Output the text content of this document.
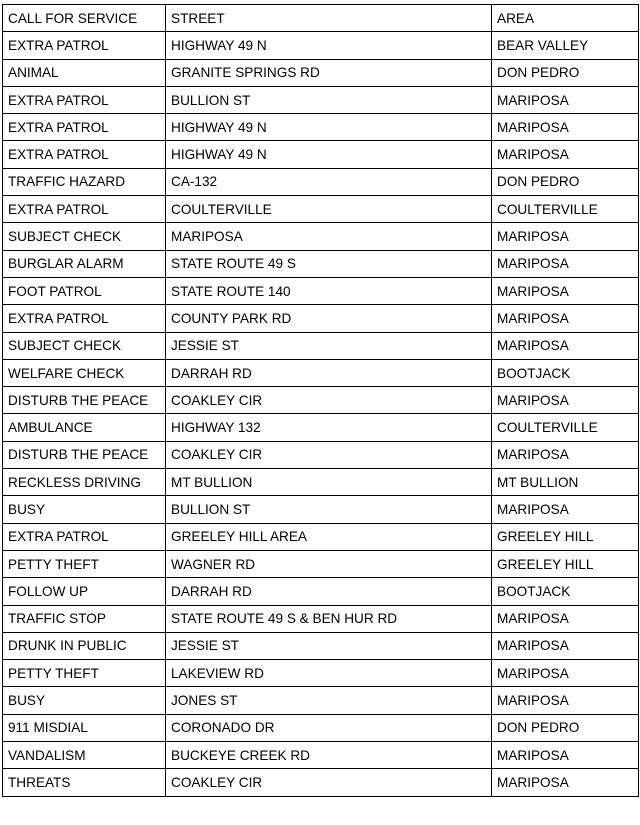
CALL FOR SERVICE	STREET	AREA
EXTRA PATROL	HIGHWAY 49 N	BEAR VALLEY
ANIMAL	GRANITE SPRINGS RD	DON PEDRO
EXTRA PATROL	BULLION ST	MARIPOSA
EXTRA PATROL	HIGHWAY 49 N	MARIPOSA
EXTRA PATROL	HIGHWAY 49 N	MARIPOSA
TRAFFIC HAZARD	CA-132	DON PEDRO
EXTRA PATROL	COULTERVILLE	COULTERVILLE
SUBJECT CHECK	MARIPOSA	MARIPOSA
BURGLAR ALARM	STATE ROUTE 49 S	MARIPOSA
FOOT PATROL	STATE ROUTE 140	MARIPOSA
EXTRA PATROL	COUNTY PARK RD	MARIPOSA
SUBJECT CHECK	JESSIE ST	MARIPOSA
WELFARE CHECK	DARRAH RD	BOOTJACK
DISTURB THE PEACE	COAKLEY CIR	MARIPOSA
AMBULANCE	HIGHWAY 132	COULTERVILLE
DISTURB THE PEACE	COAKLEY CIR	MARIPOSA
RECKLESS DRIVING	MT BULLION	MT BULLION
BUSY	BULLION ST	MARIPOSA
EXTRA PATROL	GREELEY HILL AREA	GREELEY HILL
PETTY THEFT	WAGNER RD	GREELEY HILL
FOLLOW UP	DARRAH RD	BOOTJACK
TRAFFIC STOP	STATE ROUTE 49 S & BEN HUR RD	MARIPOSA
DRUNK IN PUBLIC	JESSIE ST	MARIPOSA
PETTY THEFT	LAKEVIEW RD	MARIPOSA
BUSY	JONES ST	MARIPOSA
911 MISDIAL	CORONADO DR	DON PEDRO
VANDALISM	BUCKEYE CREEK RD	MARIPOSA
THREATS	COAKLEY CIR	MARIPOSA
